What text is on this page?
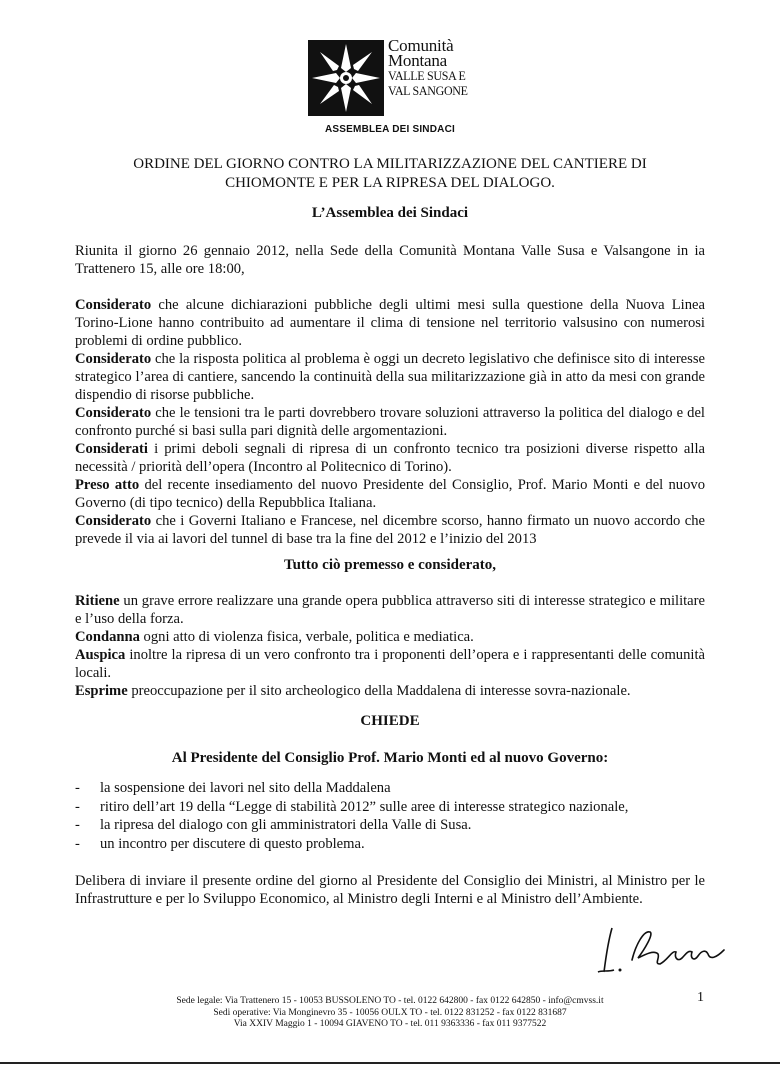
Comunità
Montana
VALLE SUSA E
VAL SANGONE
ASSEMBLEA DEI SINDACI
ORDINE DEL GIORNO CONTRO LA MILITARIZZAZIONE DEL CANTIERE DI
CHIOMONTE E PER LA RIPRESA DEL DIALOGO.
L’Assemblea dei Sindaci
Riunita il giorno 26 gennaio 2012, nella Sede della Comunità Montana Valle Susa e Valsangone in ia Trattenero 15, alle ore 18:00,

Considerato che alcune dichiarazioni pubbliche degli ultimi mesi sulla questione della Nuova Linea Torino-Lione hanno contribuito ad aumentare il clima di tensione nel territorio valsusino con numerosi problemi di ordine pubblico.

Considerato che la risposta politica al problema è oggi un decreto legislativo che definisce sito di interesse strategico l’area di cantiere, sancendo la continuità della sua militarizzazione già in atto da mesi con grande dispendio di risorse pubbliche.

Considerato che le tensioni tra le parti dovrebbero trovare soluzioni attraverso la politica del dialogo e del confronto purché si basi sulla pari dignità delle argomentazioni.

Considerati i primi deboli segnali di ripresa di un confronto tecnico tra posizioni diverse rispetto alla necessità / priorità dell’opera (Incontro al Politecnico di Torino).

Preso atto del recente insediamento del nuovo Presidente del Consiglio, Prof. Mario Monti e del nuovo Governo (di tipo tecnico) della Repubblica Italiana.

Considerato che i Governi Italiano e Francese, nel dicembre scorso, hanno firmato un nuovo accordo che prevede il via ai lavori del tunnel di base tra la fine del 2012 e l’inizio del 2013

Tutto ciò premesso e considerato,

Ritiene un grave errore realizzare una grande opera pubblica attraverso siti di interesse strategico e militare e l’uso della forza.

Condanna ogni atto di violenza fisica, verbale, politica e mediatica.

Auspica inoltre la ripresa di un vero confronto tra i proponenti dell’opera e i rappresentanti delle comunità locali.

Esprime preoccupazione per il sito archeologico della Maddalena di interesse sovra-nazionale.

CHIEDE
Al Presidente del Consiglio Prof. Mario Monti ed al nuovo Governo:
- la sospensione dei lavori nel sito della Maddalena
- ritiro dell’art 19 della “Legge di stabilità 2012” sulle aree di interesse strategico nazionale,
- la ripresa del dialogo con gli amministratori della Valle di Susa.
- un incontro per discutere di questo problema.
Delibera di inviare il presente ordine del giorno al Presidente del Consiglio dei Ministri, al Ministro per le Infrastrutture e per lo Sviluppo Economico, al Ministro degli Interni e al Ministro dell’Ambiente.
Sede legale: Via Trattenero 15 - 10053 BUSSOLENO TO - tel. 0122 642800 - fax 0122 642850 - info@cmvss.it
Sedi operative: Via Monginevro 35 - 10056 OULX TO - tel. 0122 831252 - fax 0122 831687
Via XXIV Maggio 1 - 10094 GIAVENO TO - tel. 011 9363336 - fax 011 9377522
1
